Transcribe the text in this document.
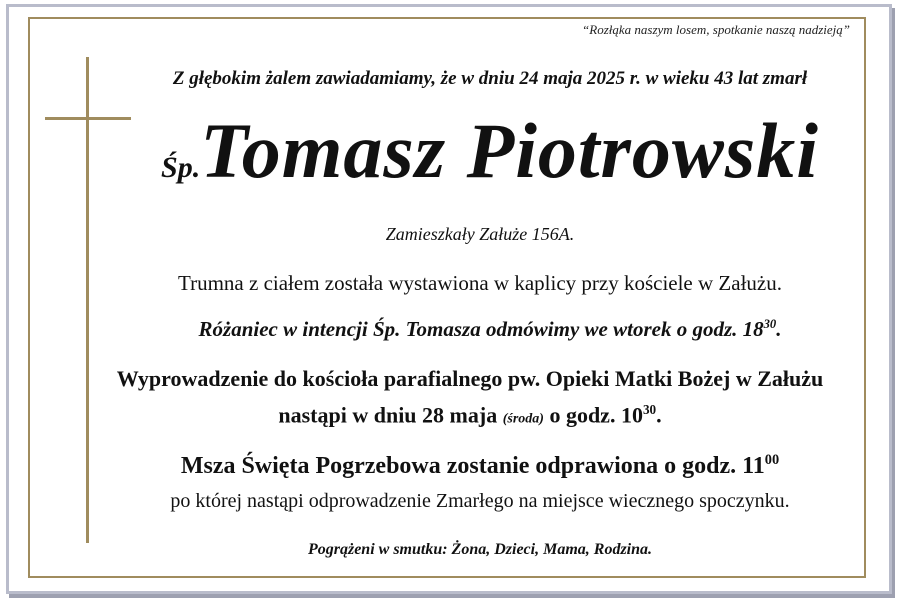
“Rozłąka naszym losem, spotkanie naszą nadzieją”
Z głębokim żalem zawiadamiamy, że w dniu 24 maja 2025 r. w wieku 43 lat zmarł
Śp.Tomasz Piotrowski
Zamieszkały Załuże 156A.
Trumna z ciałem została wystawiona w kaplicy przy kościele w Załużu.
Różaniec w intencji Śp. Tomasza odmówimy we wtorek o godz. $18^{30}$.
Wyprowadzenie do kościoła parafialnego pw. Opieki Matki Bożej w Załużu
nastąpi w dniu 28 maja (środa) o godz. $10^{30}$.
Msza Święta Pogrzebowa zostanie odprawiona o godz. $11^{00}$
po której nastąpi odprowadzenie Zmarłego na miejsce wiecznego spoczynku.
Pogrążeni w smutku: Żona, Dzieci, Mama, Rodzina.
